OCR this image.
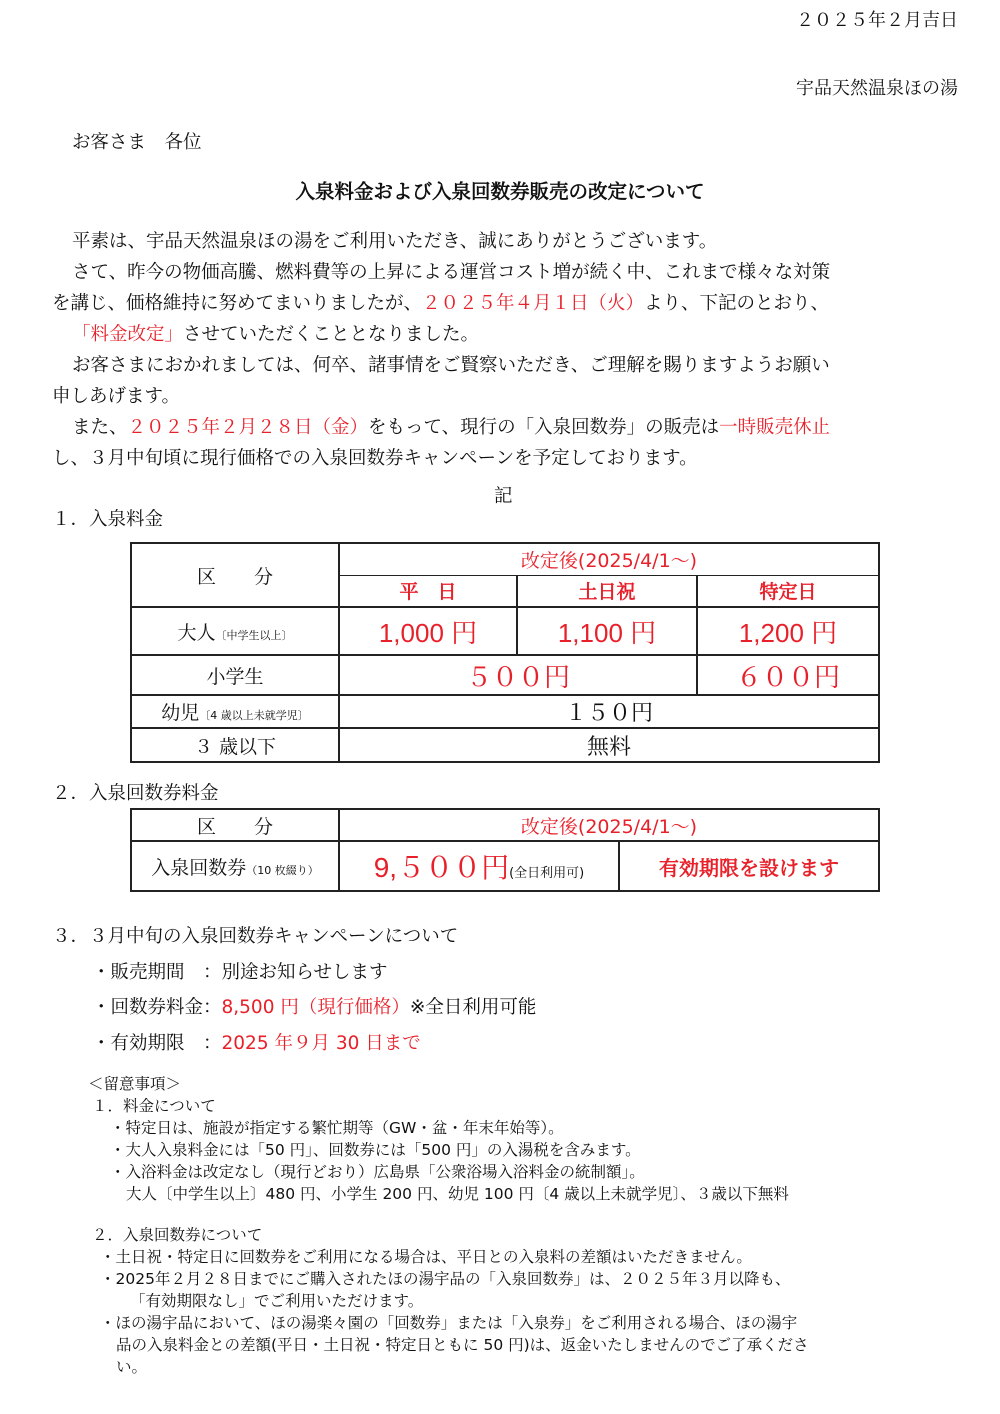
２０２５年２月吉日
宇品天然温泉ほの湯
お客さま　各位
入泉料金および入泉回数券販売の改定について
平素は、宇品天然温泉ほの湯をご利用いただき、誠にありがとうございます。
さて、昨今の物価高騰、燃料費等の上昇による運営コスト増が続く中、これまで様々な対策
を講じ、価格維持に努めてまいりましたが、２０２５年４月１日（火）より、下記のとおり、
「料金改定」させていただくこととなりました。
お客さまにおかれましては、何卒、諸事情をご賢察いただき、ご理解を賜りますようお願い
申しあげます。
また、２０２５年２月２８日（金）をもって、現行の「入泉回数券」の販売は一時販売休止
し、３月中旬頃に現行価格での入泉回数券キャンペーンを予定しております。
記
１．入泉料金
区　　分	改定後(2025/4/1～)		
	平　日	土日祝	特定日
大人〔中学生以上〕	1,000 円	1,100 円	1,200 円
小学生	５００円		６００円
幼児〔4 歳以上未就学児〕	１５０円		
３ 歳以下	無料		
２．入泉回数券料金
区　　分	改定後(2025/4/1～)	
入泉回数券（10 枚綴り）	9,５００円(全日利用可)	有効期限を設けます
３．３月中旬の入泉回数券キャンペーンについて
・販売期間　：別途お知らせします
・回数券料金：8,500 円（現行価格）※全日利用可能
・有効期限　：2025 年９月 30 日まで
＜留意事項＞
１．料金について
・特定日は、施設が指定する繁忙期等（GW・盆・年末年始等）。
・大人入泉料金には「50 円」、回数券には「500 円」の入湯税を含みます。
・入浴料金は改定なし（現行どおり）広島県「公衆浴場入浴料金の統制額」。
大人〔中学生以上〕480 円、小学生 200 円、幼児 100 円〔4 歳以上未就学児〕、３歳以下無料
２．入泉回数券について
・土日祝・特定日に回数券をご利用になる場合は、平日との入泉料の差額はいただきません。
・2025年２月２８日までにご購入されたほの湯宇品の「入泉回数券」は、２０２５年３月以降も、
「有効期限なし」でご利用いただけます。
・ほの湯宇品において、ほの湯楽々園の「回数券」または「入泉券」をご利用される場合、ほの湯宇
品の入泉料金との差額(平日・土日祝・特定日ともに 50 円)は、返金いたしませんのでご了承くださ
い。
